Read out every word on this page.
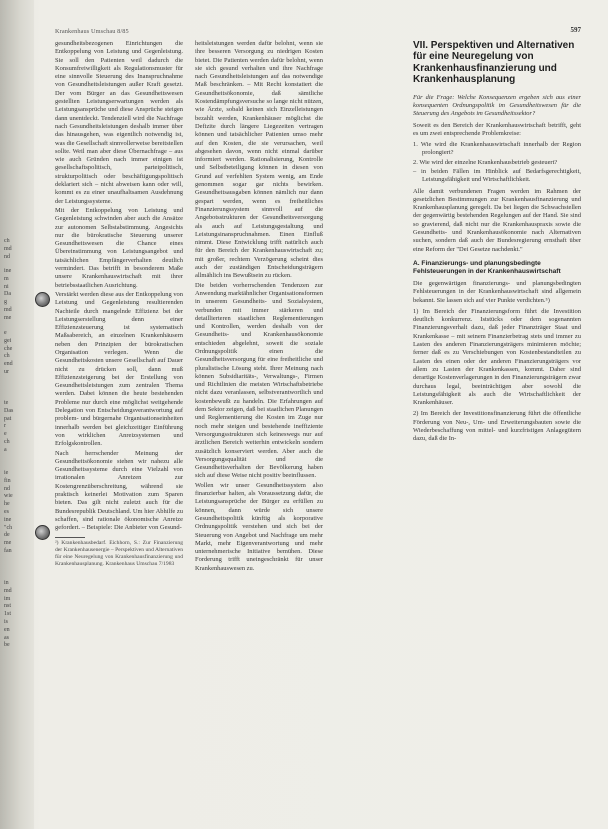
ch
md
nd
ine
m
ni
Da
g
md
me
e
gei
che
ch
end
ur
te
Das
pat
r
e
ch
a
ie
fin
nd
wie
he
es
ine
"ch
de
me
fan
in
md
im
nst
1st
is
en
as
be
Krankenhaus Umschau 8/85	597

gesundheitsbezogenen Einrichtungen die Entkoppelung von Leistung und Gegenleistung. Sie soll den Patienten weil dadurch die Konsumfreiwilligkeit als Regulationsmuster für eine sinnvolle Steuerung des Inanspruchnahme von Gesundheitsleistungen außer Kraft gesetzt. Der vom Bürger an das Gesundheitswesen gestellten Leistungserwartungen werden als Leistungsansprüche und diese Ansprüche steigen dann unentdeckt. Tendenziell wird die Nachfrage nach Gesundheitsleistungen deshalb immer über das hinausgehen, was eigentlich notwendig ist, was die Gesellschaft sinnvollerweise bereitstellen sollte. Weil man aber diese Übernachfrage – aus wie auch Gründen nach immer einigen ist gesellschaftspolitisch, parteipolitisch, strukturpolitisch oder beschäftigungspolitisch deklariert sich – nicht abweisen kann oder will, kommt es zu einer unaufhaltsamen Ausdehnung der Leistungssysteme.

Mit der Entkoppelung von Leistung und Gegenleistung schwinden aber auch die Ansätze zur autonomen Selbstabstimmung. Angesichts nur die bürokratische Steuerung unserer Gesundheitswesen die Chance eines Übereinstimmung von Leistungsangebot und tatsächlichen Empfängerverhalten deutlich vermindert. Das betrifft in besonderem Maße unsere Krankenhauswirtschaft mit ihrer betriebsstaatlichen Ausrichtung.

Verstärkt werden diese aus der Entkoppelung von Leistung und Gegenleistung resultierenden Nachteile durch mangelnde Effizienz bei der Leistungserstellung denn einer Effizienzsteuerung ist systematisch Maßsabereich, an einzelnen Krankenhäusern neben den Prinzipien der bürokratischen Organisation verlegen. Wenn die Gesundheitskosten unsere Gesellschaft auf Dauer nicht zu drücken soll, dann muß Effizienzsteigerung bei der Erstellung von Gesundheitsleistungen zum zentralen Thema werden. Dabei können die heute bestehenden Probleme nur durch eine möglichst weitgehende Delegation von Entscheidungsverantwortung auf problem- und bürgernahe Organisationseinheiten innerhalb werden bei gleichzeitiger Einführung von wirklichen Anreizsystemen und Erfolgskontrollen.

Nach herrschender Meinung der Gesundheitsökonomie stehen wir nahezu alle Gesundheitssysteme durch eine Vielzahl von irrationalen Anreizen zur Kostengrenzüberschreitung, während sie praktisch keinerlei Motivation zum Sparen bieten. Das gilt nicht zuletzt auch für die Bundesrepublik Deutschland. Um hier Abhilfe zu schaffen, sind rationale ökonomische Anreize gefordert. – Beispiele: Die Anbieter von Gesund-

²) Krankenhausbedarf. Eichhorn, S.: Zur Finanzierung der Krankenhausenergie – Perspektiven und Alternativen für eine Neuregelung von Krankenhausfinanzierung und Krankenhausplanung. Krankenhaus Umschau 7/1983

heitsleistungen werden dafür belohnt, wenn sie ihre besseren Versorgung zu niedrigen Kosten bietet. Die Patienten werden dafür belohnt, wenn sie sich gesund verhalten und ihre Nachfrage nach Gesundheitsleistungen auf das notwendige Maß beschränken. – Mit Recht konstatiert die Gesundheitsökonomie, daß sämtliche Kostendämpfungsversuche so lange nicht nützen, wie Ärzte, sobald keinen sich Einzelleistungen bezahlt werden, Krankenhäuser möglichst die Defizite durch längere Liegezeiten vertragen können und tatsächlicher Patienten umso mehr auf den Kosten, die sie verursachen, weil abgesehen davon, wenn nicht einmal darüber informiert werden. Rationalisierung, Kontrolle und Selbstbeteiligung können in diesen von Grund auf verfehlten System wenig, am Ende genommen sogar gar nichts bewirken. Gesundheitsausgaben können nämlich nur dann gespart werden, wenn es freiheitliches Finanzierungssystem sinnvoll auf die Angebotsstrukturen der Gesundheitsversorgung als auch auf Leistungsgestaltung und Leistungsinanspruchnahmen. Einen Einfluß nimmt. Diese Entwicklung trifft natürlich auch für den Bereich der Krankenhauswirtschaft zu; mit großer, rechtem Verzögerung scheint dies auch der zuständigen Entscheidungsträgern allmählich ins Bewußtsein zu rücken.

Die beiden vorherrschenden Tendenzen zur Anwendung marktähnlicher Organisationsformen in unserem Gesundheits- und Sozialsystem, verbunden mit immer stärkeren und detaillierteren staatlichen Reglementierungen und Kontrollen, werden deshalb von der Gesundheits- und Krankenhausökonomie entschieden abgelehnt, soweit die soziale Ordnungspolitik einen die Gesundheitsversorgung für eine freiheitliche und pluralistische Lösung steht. Ihrer Meinung nach können Subsidiaritäts-, Verwaltungs-, Firmen und Richtlinien die meisten Wirtschaftsbetriebe nicht dazu veranlassen, selbstverantwortlich und kostenbewußt zu handeln. Die Erfahrungen auf dem Sektor zeigen, daß bei staatlichen Planungen und Reglementierung die Kosten im Zuge nur noch mehr steigen und bestehende ineffiziente Versorgungsstrukturen sich keineswegs nur auf ärztlichen Bereich weiterhin entwickeln sondern zusätzlich konserviert werden. Aber auch die Versorgungsqualität und die Gesundheitsverhalten der Bevölkerung haben sich auf diese Weise nicht positiv beeinflussen.

Wollen wir unser Gesundheitssystem also finanzierbar halten, als Voraussetzung dafür, die Leistungsansprüche der Bürger zu erfüllen zu können, dann würde sich unsere Gesundheitspolitik künftig als korporative Ordnungspolitik verstehen und sich bei der Steuerung von Angebot und Nachfrage um mehr Markt, mehr Eigenverantwortung und mehr unternehmerische Initiative bemühen. Diese Forderung trifft uneingeschränkt für unser Krankenhauswesen zu.

VII. Perspektiven und Alternativen für eine Neuregelung von Krankenhausfinanzierung und Krankenhausplanung

Für die Frage: Welche Konsequenzen ergeben sich aus einer konsequenten Ordnungspolitik im Gesundheitswesen für die Steuerung des Angebots im Gesundheitssektor?

Soweit es den Bereich der Krankenhauswirtschaft betrifft, geht es um zwei entsprechende Problemkreise:

1. Wie wird die Krankenhauswirtschaft innerhalb der Region prolongiert?
2. Wie wird der einzelne Krankenhausbetrieb gesteuert?
– in beiden Fällen im Hinblick auf Bedarfsgerechtigkeit, Leistungsfähigkeit und Wirtschaftlichkeit.

Alle damit verbundenen Fragen werden im Rahmen der gesetzlichen Bestimmungen zur Krankenhausfinanzierung und Krankenhausplanung geregelt. Da bei liegen die Schwachstellen der gegenwärtig bestehenden Regelungen auf der Hand. Sie sind so gravierend, daß nicht nur die Krankenhauspraxis sowie die Gesundheits- und Krankenhausökonomie nach Alternativen suchen, sondern daß auch der Bundesregierung ernsthaft über eine Reform der "Dei Gesetze nachdenkt."

A. Finanzierungs- und planungsbedingte Fehlsteuerungen in der Krankenhauswirtschaft

Die gegenwärtigen finanzierungs- und planungsbedingten Fehlsteuerungen in der Krankenhauswirtschaft sind allgemein bekannt. Sie lassen sich auf vier Punkte verdichten.⁵)

1) Im Bereich der Finanzierungsform führt die Investition deutlich konkurrenz. Iststücks oder dem sogenannten Finanzierungsverhalt dazu, daß jeder Finanzträger Staat und Krankenkasse – mit seinem Finanzierbetrag stets und immer zu Lasten des anderen Finanzierungsträgers minimieren möchte; ferner daß es zu Verschiebungen von Kostenbestandteilen zu Lasten des einen oder der anderen Finanzierungsträgers vor allem zu Lasten der Krankenkassen, kommt. Daher sind derartige Kostenverlagerungen in den Finanzierungsträgern zwar durchaus legal, beeinträchtigen aber sowohl die Leistungsfähigkeit als auch die Wirtschaftlichkeit der Krankenhäuser.

2) Im Bereich der Investitionsfinanzierung führt die öffentliche Förderung von Neu-, Um- und Erweiterungsbauten sowie die Wiederbeschaffung von mittel- und kurzfristigen Anlagegütern dazu, daß die In-
